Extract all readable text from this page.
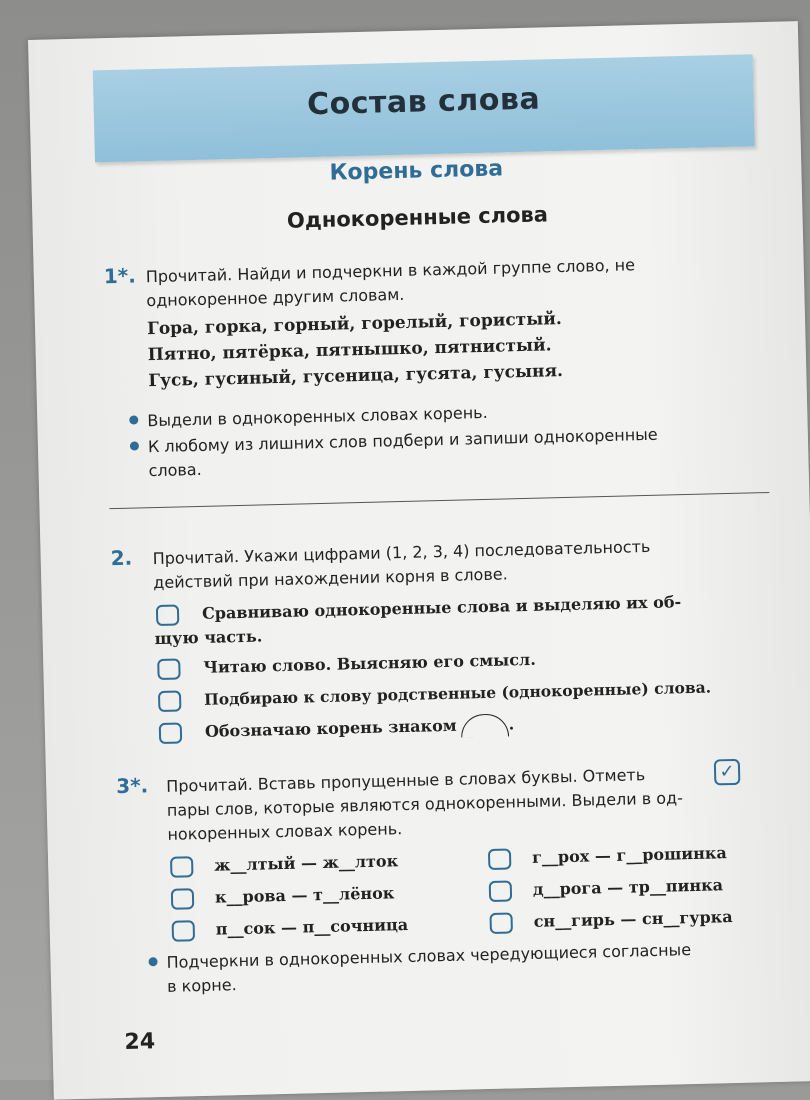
Состав слова
Корень слова
Однокоренные слова
1*. Прочитай. Найди и подчеркни в каждой группе слово, не
однокоренное другим словам.
Гора, горка, горный, горелый, гористый.
Пятно, пятёрка, пятнышко, пятнистый.
Гусь, гусиный, гусеница, гусята, гусыня.
Выдели в однокоренных словах корень.
К любому из лишних слов подбери и запиши однокоренные
слова.
2. Прочитай. Укажи цифрами (1, 2, 3, 4) последовательность
действий при нахождении корня в слове.
Сравниваю однокоренные слова и выделяю их об-
щую часть.
Читаю слово. Выясняю его смысл.
Подбираю к слову родственные (однокоренные) слова.
Обозначаю корень знаком	.
3*. Прочитай. Вставь пропущенные в словах буквы. Отметь	✓
пары слов, которые являются однокоренными. Выдели в од-
нокоренных словах корень.
ж__лтый — ж__лток
к__рова — т__лёнок
п__сок — п__сочница
г__рох — г__рошинка
д__рога — тр__пинка
сн__гирь — сн__гурка
Подчеркни в однокоренных словах чередующиеся согласные
в корне.
24
